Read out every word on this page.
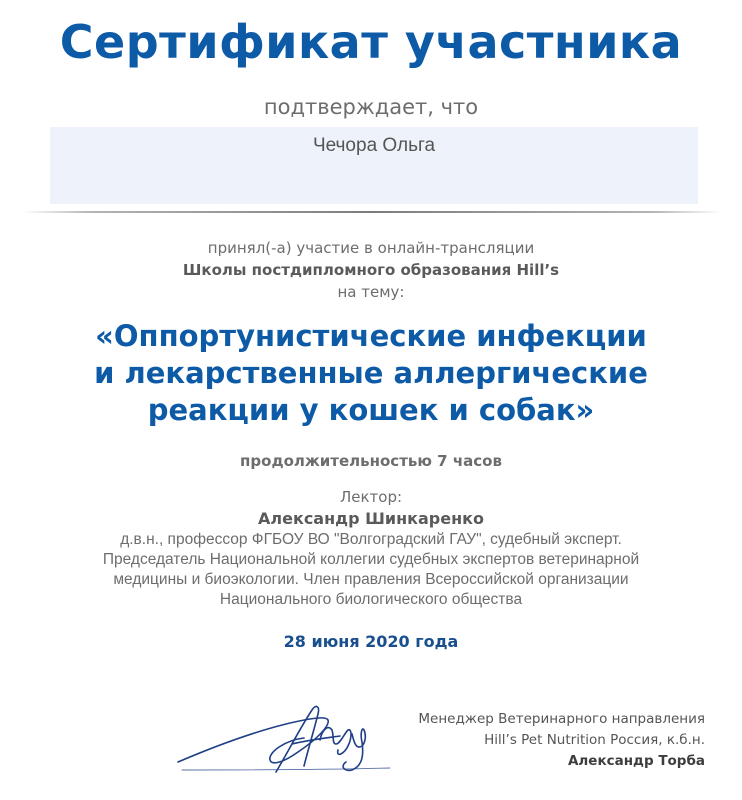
Сертификат участника
подтверждает, что
Чечора Ольга
принял(-а) участие в онлайн-трансляции
Школы постдипломного образования Hill’s
на тему:
«Оппортунистические инфекции
и лекарственные аллергические
реакции у кошек и собак»
продолжительностью 7 часов
Лектор:
Александр Шинкаренко
д.в.н., профессор ФГБОУ ВО "Волгоградский ГАУ", судебный эксперт.
Председатель Национальной коллегии судебных экспертов ветеринарной
медицины и биоэкологии. Член правления Всероссийской организации
Национального биологического общества
28 июня 2020 года
Менеджер Ветеринарного направления
Hill’s Pet Nutrition Россия, к.б.н.
Александр Торба
